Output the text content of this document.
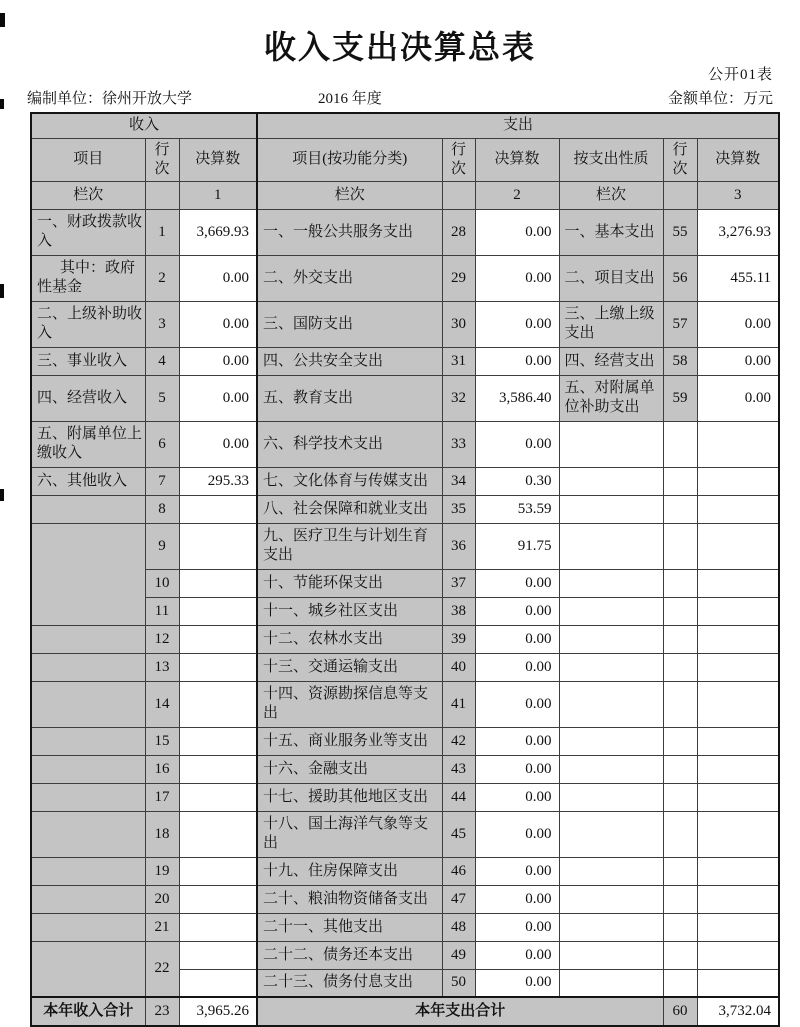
收入支出决算总表
公开01表
编制单位：徐州开放大学	2016 年度	金额单位：万元
收入			支出					
项目	行次	决算数	项目(按功能分类)	行次	决算数	按支出性质	行次	决算数
栏次		1	栏次		2	栏次		3
一、财政拨款收入	1	3,669.93	一、一般公共服务支出	28	0.00	一、基本支出	55	3,276.93
其中：政府性基金	2	0.00	二、外交支出	29	0.00	二、项目支出	56	455.11
二、上级补助收入	3	0.00	三、国防支出	30	0.00	三、上缴上级支出	57	0.00
三、事业收入	4	0.00	四、公共安全支出	31	0.00	四、经营支出	58	0.00
四、经营收入	5	0.00	五、教育支出	32	3,586.40	五、对附属单位补助支出	59	0.00
五、附属单位上缴收入	6	0.00	六、科学技术支出	33	0.00			
六、其他收入	7	295.33	七、文化体育与传媒支出	34	0.30			
	8		八、社会保障和就业支出	35	53.59			
	9		九、医疗卫生与计划生育支出	36	91.75			
	10		十、节能环保支出	37	0.00			
	11		十一、城乡社区支出	38	0.00			
	12		十二、农林水支出	39	0.00			
	13		十三、交通运输支出	40	0.00			
	14		十四、资源勘探信息等支出	41	0.00			
	15		十五、商业服务业等支出	42	0.00			
	16		十六、金融支出	43	0.00			
	17		十七、援助其他地区支出	44	0.00			
	18		十八、国土海洋气象等支出	45	0.00			
	19		十九、住房保障支出	46	0.00			
	20		二十、粮油物资储备支出	47	0.00			
	21		二十一、其他支出	48	0.00			
	22		二十二、债务还本支出	49	0.00			
			二十三、债务付息支出	50	0.00			
本年收入合计	23	3,965.26	本年支出合计				60	3,732.04
